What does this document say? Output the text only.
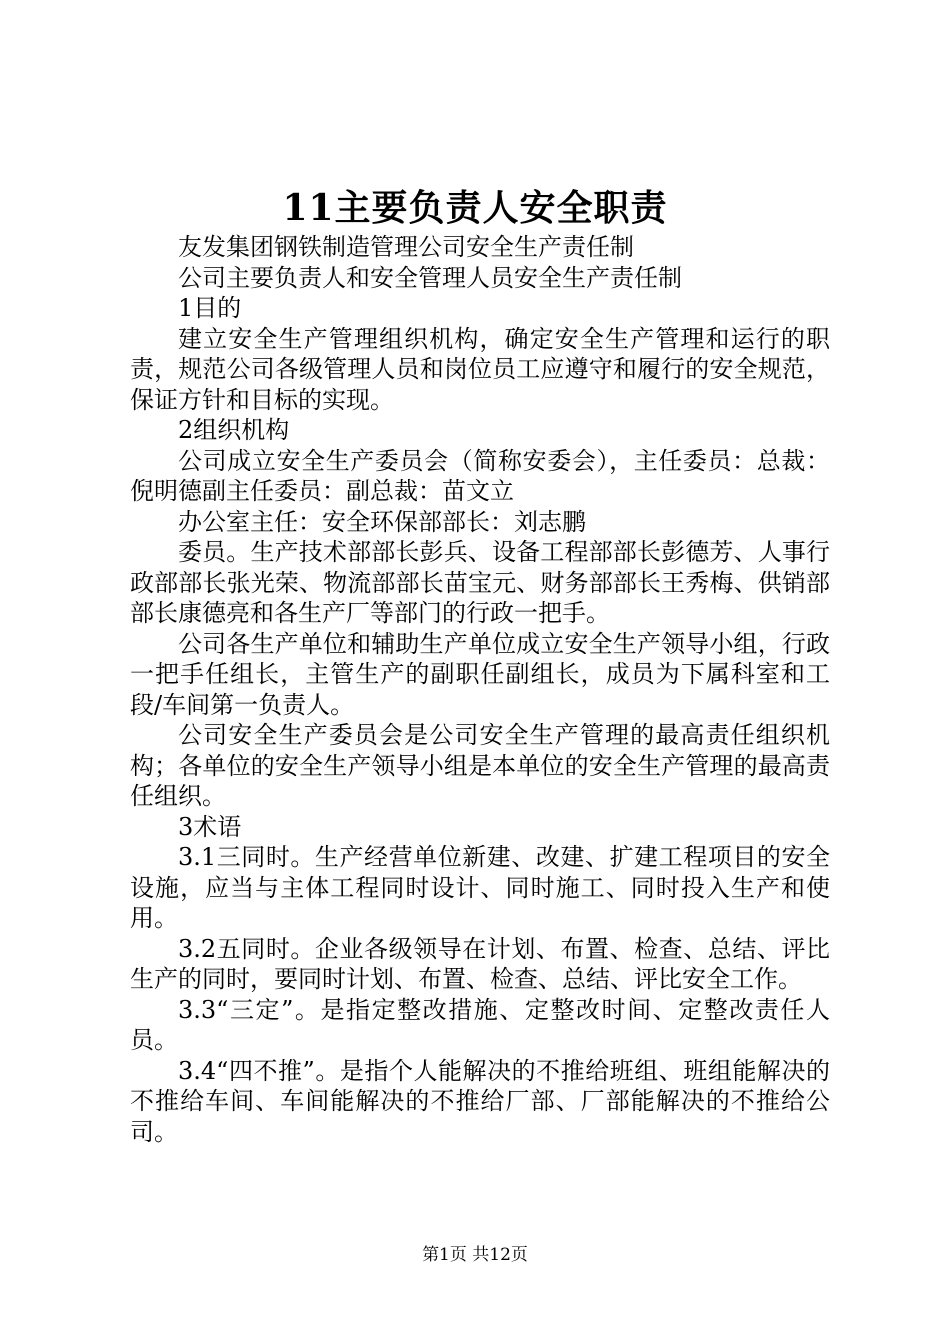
11主要负责人安全职责

友发集团钢铁制造管理公司安全生产责任制

公司主要负责人和安全管理人员安全生产责任制

1目的

建立安全生产管理组织机构，确定安全生产管理和运行的职责，规范公司各级管理人员和岗位员工应遵守和履行的安全规范，保证方针和目标的实现。

2组织机构

公司成立安全生产委员会（简称安委会），主任委员：总裁：倪明德副主任委员：副总裁：苗文立

办公室主任：安全环保部部长：刘志鹏

委员。生产技术部部长彭兵、设备工程部部长彭德芳、人事行政部部长张光荣、物流部部长苗宝元、财务部部长王秀梅、供销部部长康德亮和各生产厂等部门的行政一把手。

公司各生产单位和辅助生产单位成立安全生产领导小组，行政一把手任组长，主管生产的副职任副组长，成员为下属科室和工段/车间第一负责人。

公司安全生产委员会是公司安全生产管理的最高责任组织机构；各单位的安全生产领导小组是本单位的安全生产管理的最高责任组织。

3术语

3.1三同时。生产经营单位新建、改建、扩建工程项目的安全设施，应当与主体工程同时设计、同时施工、同时投入生产和使用。

3.2五同时。企业各级领导在计划、布置、检查、总结、评比生产的同时，要同时计划、布置、检查、总结、评比安全工作。

3.3“三定”。是指定整改措施、定整改时间、定整改责任人员。

3.4“四不推”。是指个人能解决的不推给班组、班组能解决的不推给车间、车间能解决的不推给厂部、厂部能解决的不推给公司。

第1页 共12页
